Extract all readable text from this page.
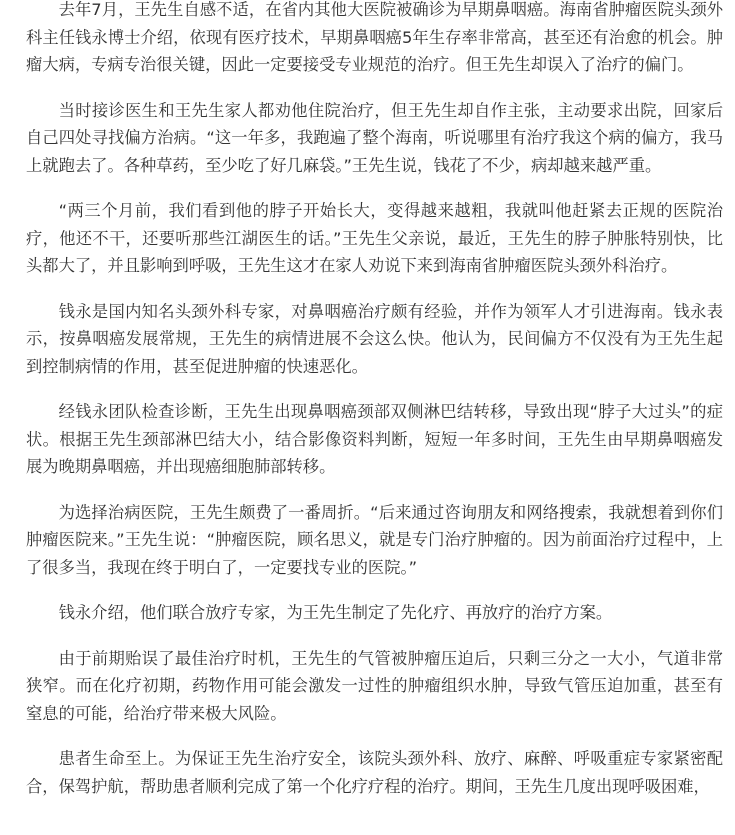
去年7月，王先生自感不适，在省内其他大医院被确诊为早期鼻咽癌。海南省肿瘤医院头颈外科主任钱永博士介绍，依现有医疗技术，早期鼻咽癌5年生存率非常高，甚至还有治愈的机会。肿瘤大病，专病专治很关键，因此一定要接受专业规范的治疗。但王先生却误入了治疗的偏门。

当时接诊医生和王先生家人都劝他住院治疗，但王先生却自作主张，主动要求出院，回家后自己四处寻找偏方治病。“这一年多，我跑遍了整个海南，听说哪里有治疗我这个病的偏方，我马上就跑去了。各种草药，至少吃了好几麻袋。”王先生说，钱花了不少，病却越来越严重。

“两三个月前，我们看到他的脖子开始长大，变得越来越粗，我就叫他赶紧去正规的医院治疗，他还不干，还要听那些江湖医生的话。”王先生父亲说，最近，王先生的脖子肿胀特别快，比头都大了，并且影响到呼吸，王先生这才在家人劝说下来到海南省肿瘤医院头颈外科治疗。

钱永是国内知名头颈外科专家，对鼻咽癌治疗颇有经验，并作为领军人才引进海南。钱永表示，按鼻咽癌发展常规，王先生的病情进展不会这么快。他认为，民间偏方不仅没有为王先生起到控制病情的作用，甚至促进肿瘤的快速恶化。

经钱永团队检查诊断，王先生出现鼻咽癌颈部双侧淋巴结转移，导致出现“脖子大过头”的症状。根据王先生颈部淋巴结大小，结合影像资料判断，短短一年多时间，王先生由早期鼻咽癌发展为晚期鼻咽癌，并出现癌细胞肺部转移。

为选择治病医院，王先生颇费了一番周折。“后来通过咨询朋友和网络搜索，我就想着到你们肿瘤医院来。”王先生说：“肿瘤医院，顾名思义，就是专门治疗肿瘤的。因为前面治疗过程中，上了很多当，我现在终于明白了，一定要找专业的医院。”

钱永介绍，他们联合放疗专家，为王先生制定了先化疗、再放疗的治疗方案。

由于前期贻误了最佳治疗时机，王先生的气管被肿瘤压迫后，只剩三分之一大小，气道非常狭窄。而在化疗初期，药物作用可能会激发一过性的肿瘤组织水肿，导致气管压迫加重，甚至有窒息的可能，给治疗带来极大风险。

患者生命至上。为保证王先生治疗安全，该院头颈外科、放疗、麻醉、呼吸重症专家紧密配合，保驾护航，帮助患者顺利完成了第一个化疗疗程的治疗。期间，王先生几度出现呼吸困难，
